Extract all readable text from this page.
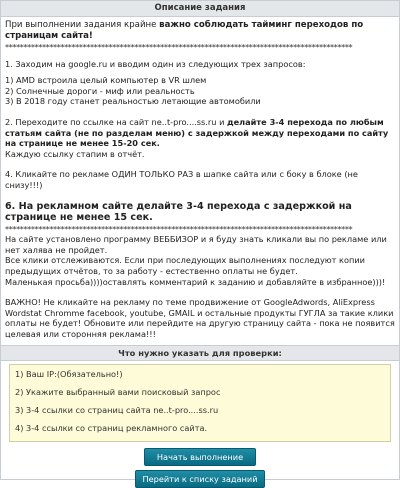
Описание задания

При выполнении задания крайне важно соблюдать тайминг переходов по страницам сайта!

**********************************************************************************************

1. Заходим на google.ru и вводим один из следующих трех запросов:

1) AMD встроила целый компьютер в VR шлем

2) Солнечные дороги - миф или реальность

3) В 2018 году станет реальностью летающие автомобили

2. Переходите по ссылке на сайт ne..t-pro....ss.ru и делайте 3-4 перехода по любым статьям сайта (не по разделам меню) с задержкой между переходами по сайту на странице не менее 15-20 сек.

Каждую ссылку стапим в отчёт.

4. Кликайте по рекламе ОДИН ТОЛЬКО РАЗ в шапке сайта или с боку в блоке (не снизу!!!)

6. На рекламном сайте делайте 3-4 перехода с задержкой на странице не менее 15 сек.

**********************************************************************************************

На сайте установлено программу ВЕББИЗОР и я буду знать кликали вы по рекламе или нет халява не пройдет.

Все клики отслеживаются. Если при последующих выполнениях последуют копии предыдущих отчётов, то за работу - естественно оплаты не будет.

Маленькая просьба))))оставлять комментарий к заданию и добавляйте в избранное)))!

ВАЖНО! Не кликайте на рекламу по теме продвижение от GoogleAdwords, AliExpress Wordstat Chromme facebook, youtube, GMAIL и остальные продукты ГУГЛА за такие клики оплаты не будет! Обновите или перейдите на другую страницу сайта - пока не появится целевая или сторонняя реклама!!!

Что нужно указать для проверки:
1) Ваш IP:(Обязательно!)
2) Укажите выбранный вами поисковый запрос
3) 3-4 ссылки со страниц сайта ne..t-pro....ss.ru
4) 3-4 ссылки со страниц рекламного сайта.
Начать выполнение
Перейти к списку заданий
